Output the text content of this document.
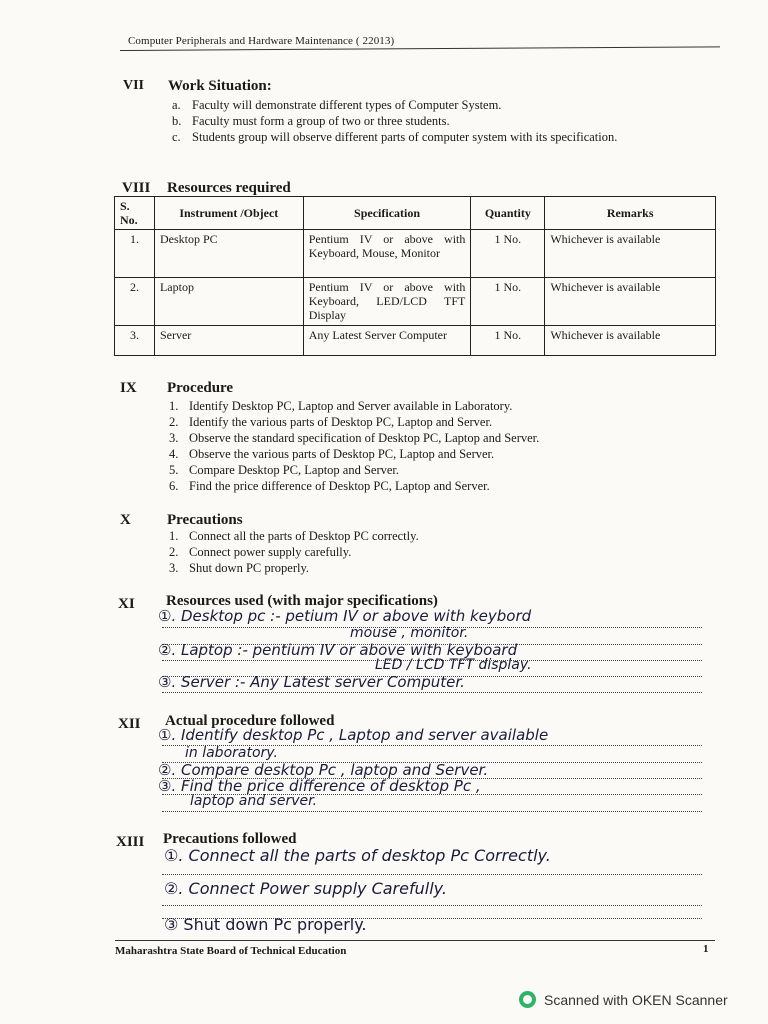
Computer Peripherals and Hardware Maintenance ( 22013)
VII Work Situation:
a. Faculty will demonstrate different types of Computer System.
b. Faculty must form a group of two or three students.
c. Students group will observe different parts of computer system with its specification.
VIII Resources required
S. No.	Instrument /Object	Specification	Quantity	Remarks
1.	Desktop PC	Pentium IV or above with Keyboard, Mouse, Monitor	1 No.	Whichever is available
2.	Laptop	Pentium IV or above with Keyboard, LED/LCD TFT Display	1 No.	Whichever is available
3.	Server	Any Latest Server Computer	1 No.	Whichever is available
IX Procedure
1. Identify Desktop PC, Laptop and Server available in Laboratory.
2. Identify the various parts of Desktop PC, Laptop and Server.
3. Observe the standard specification of Desktop PC, Laptop and Server.
4. Observe the various parts of Desktop PC, Laptop and Server.
5. Compare Desktop PC, Laptop and Server.
6. Find the price difference of Desktop PC, Laptop and Server.
X Precautions
1. Connect all the parts of Desktop PC correctly.
2. Connect power supply carefully.
3. Shut down PC properly.
XI Resources used (with major specifications)
①. Desktop pc :- petium IV or above with keybord
mouse , monitor.
②. Laptop :- pentium IV or above with keyboard
LED / LCD TFT display.
③. Server :- Any Latest server Computer.
XII Actual procedure followed
①. Identify desktop Pc , Laptop and server available
in laboratory.
②. Compare desktop Pc , laptop and Server.
③. Find the price difference of desktop Pc ,
laptop and server.
XIII Precautions followed
①. Connect all the parts of desktop Pc Correctly.
②. Connect Power supply Carefully.
③ Shut down Pc properly.
Maharashtra State Board of Technical Education	1
Scanned with OKEN Scanner
